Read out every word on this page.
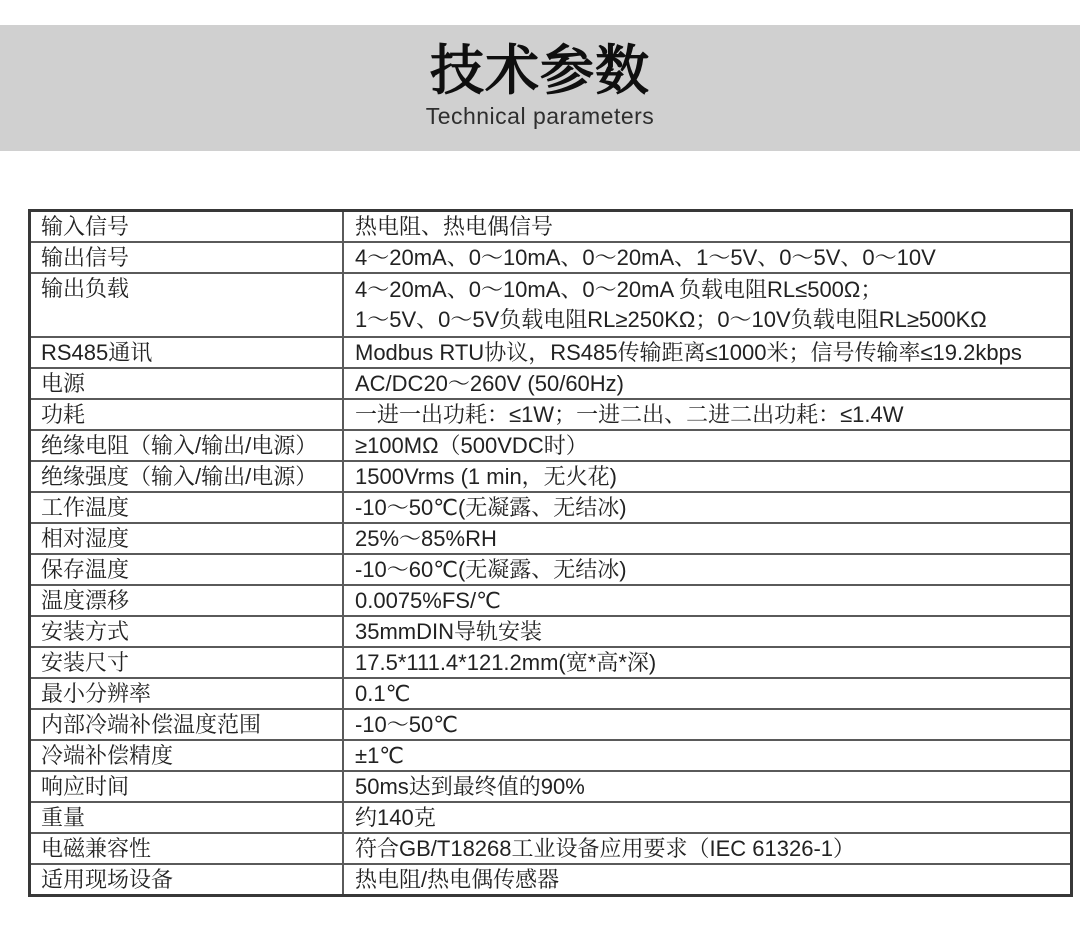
技术参数
Technical parameters
输入信号	热电阻、热电偶信号
输出信号	4～20mA、0～10mA、0～20mA、1～5V、0～5V、0～10V
输出负载	4～20mA、0～10mA、0～20mA 负载电阻RL≤500Ω；
1～5V、0～5V负载电阻RL≥250KΩ；0～10V负载电阻RL≥500KΩ
RS485通讯	Modbus RTU协议，RS485传输距离≤1000米；信号传输率≤19.2kbps
电源	AC/DC20～260V (50/60Hz)
功耗	一进一出功耗：≤1W；一进二出、二进二出功耗：≤1.4W
绝缘电阻（输入/输出/电源）	≥100MΩ（500VDC时）
绝缘强度（输入/输出/电源）	1500Vrms (1 min，无火花)
工作温度	-10～50℃(无凝露、无结冰)
相对湿度	25%～85%RH
保存温度	-10～60℃(无凝露、无结冰)
温度漂移	0.0075%FS/℃
安装方式	35mmDIN导轨安装
安装尺寸	17.5*111.4*121.2mm(宽*高*深)
最小分辨率	0.1℃
内部冷端补偿温度范围	-10～50℃
冷端补偿精度	±1℃
响应时间	50ms达到最终值的90%
重量	约140克
电磁兼容性	符合GB/T18268工业设备应用要求（IEC 61326-1）
适用现场设备	热电阻/热电偶传感器
